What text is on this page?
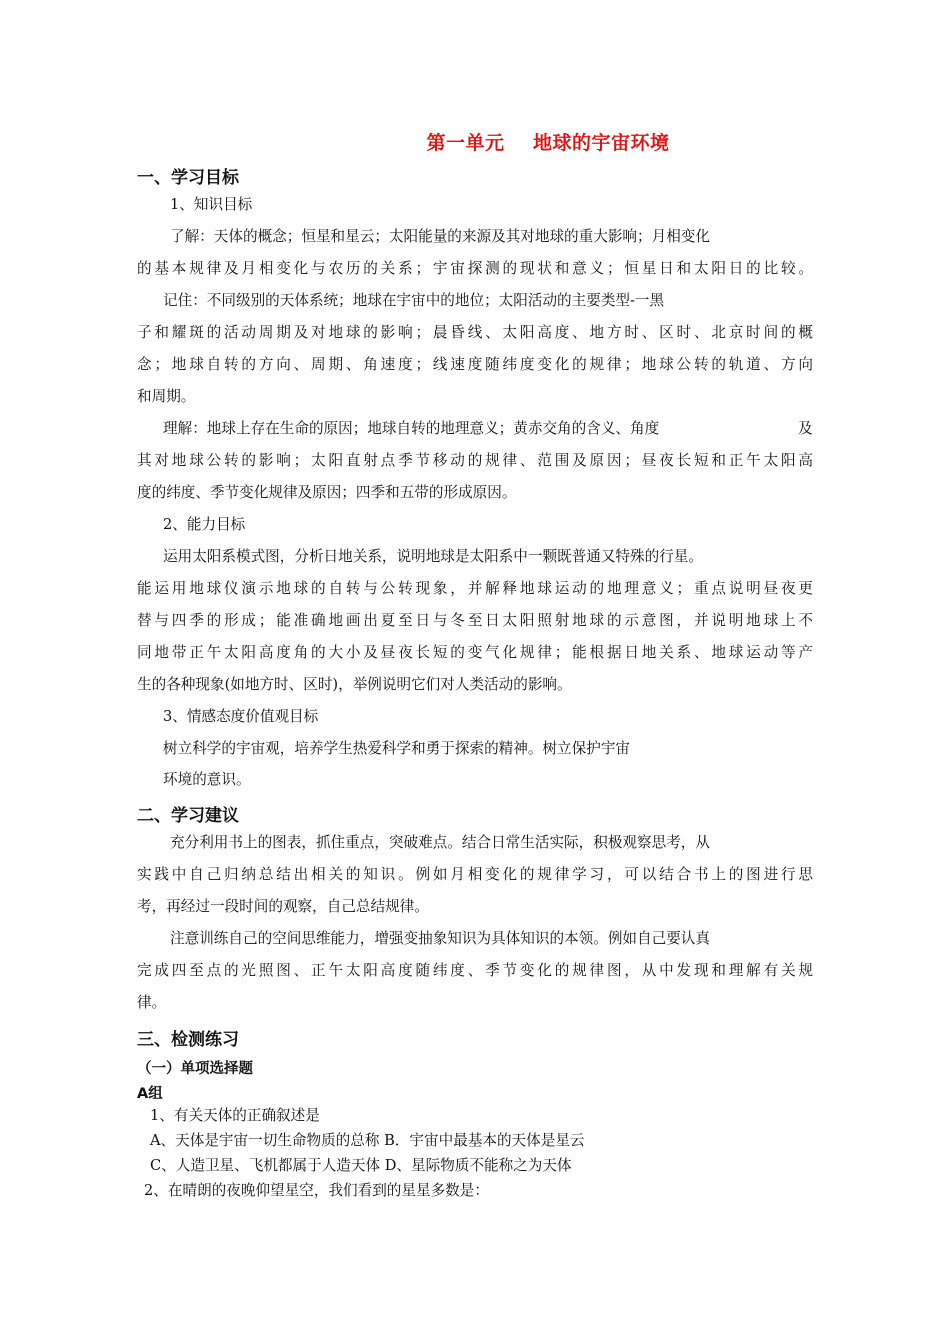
第一单元    地球的宇宙环境
一、学习目标
1、知识目标
了解：天体的概念；恒星和星云；太阳能量的来源及其对地球的重大影响；月相变化
的基本规律及月相变化与农历的关系；宇宙探测的现状和意义；恒星日和太阳日的比较。
记住：不同级别的天体系统；地球在宇宙中的地位；太阳活动的主要类型-一黑
子和耀斑的活动周期及对地球的影响；晨昏线、太阳高度、地方时、区时、北京时间的概
念；地球自转的方向、周期、角速度；线速度随纬度变化的规律；地球公转的轨道、方向
和周期。
理解：地球上存在生命的原因；地球自转的地理意义；黄赤交角的含义、角度	及
其对地球公转的影响；太阳直射点季节移动的规律、范围及原因；昼夜长短和正午太阳高
度的纬度、季节变化规律及原因；四季和五带的形成原因。
2、能力目标
运用太阳系模式图，分析日地关系，说明地球是太阳系中一颗既普通又特殊的行星。
能运用地球仪演示地球的自转与公转现象，并解释地球运动的地理意义；重点说明昼夜更
替与四季的形成；能准确地画出夏至日与冬至日太阳照射地球的示意图，并说明地球上不
同地带正午太阳高度角的大小及昼夜长短的变气化规律；能根据日地关系、地球运动等产
生的各种现象(如地方时、区时)，举例说明它们对人类活动的影响。
3、情感态度价值观目标
树立科学的宇宙观，培养学生热爱科学和勇于探索的精神。树立保护宇宙
环境的意识。
二、学习建议
充分利用书上的图表，抓住重点，突破难点。结合日常生活实际，积极观察思考，从
实践中自己归纳总结出相关的知识。例如月相变化的规律学习，可以结合书上的图进行思
考，再经过一段时间的观察，自己总结规律。
注意训练自己的空间思维能力，增强变抽象知识为具体知识的本领。例如自己要认真
完成四至点的光照图、正午太阳高度随纬度、季节变化的规律图，从中发现和理解有关规
律。
三、检测练习
（一）单项选择题
A组
1、有关天体的正确叙述是
A、天体是宇宙一切生命物质的总称 B．宇宙中最基本的天体是星云
C、人造卫星、飞机都属于人造天体 D、星际物质不能称之为天体
2、在晴朗的夜晚仰望星空，我们看到的星星多数是：
